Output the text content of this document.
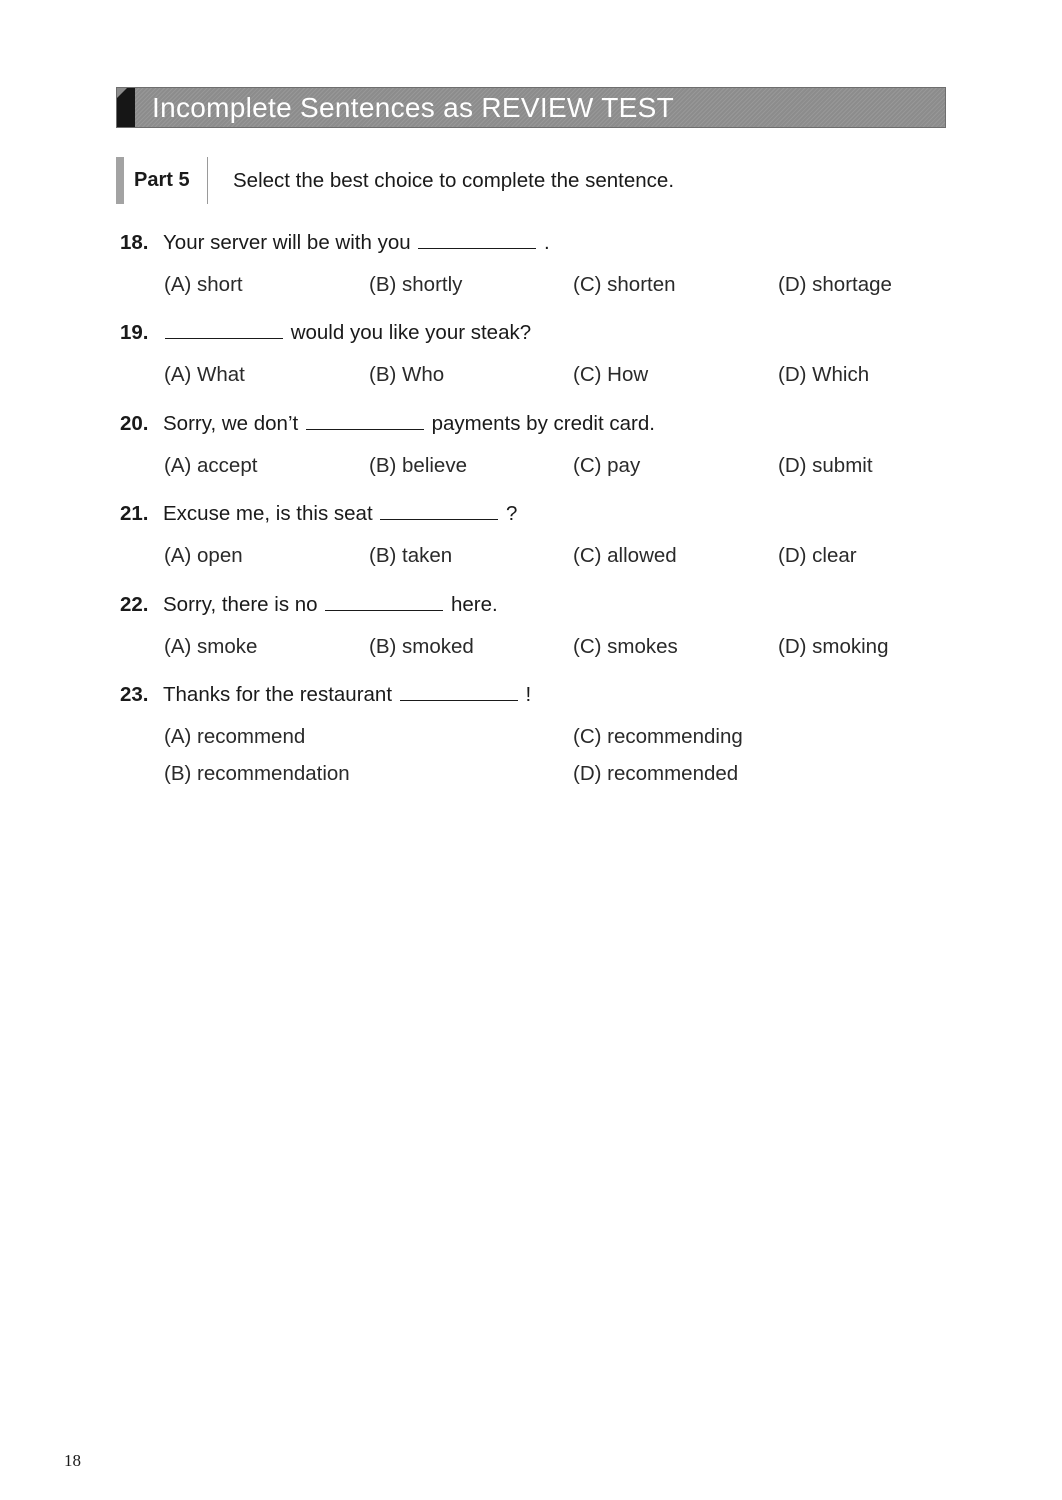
Incomplete Sentences as REVIEW TEST
Part 5 Select the best choice to complete the sentence.
18. Your server will be with you	.
(A) short	(B) shortly	(C) shorten	(D) shortage
19.	would you like your steak?
(A) What	(B) Who	(C) How	(D) Which
20. Sorry, we don’t	payments by credit card.
(A) accept	(B) believe	(C) pay	(D) submit
21. Excuse me, is this seat	?
(A) open	(B) taken	(C) allowed	(D) clear
22. Sorry, there is no	here.
(A) smoke	(B) smoked	(C) smokes	(D) smoking
23. Thanks for the restaurant	!
(A) recommend
(B) recommendation
(C) recommending
(D) recommended
18
